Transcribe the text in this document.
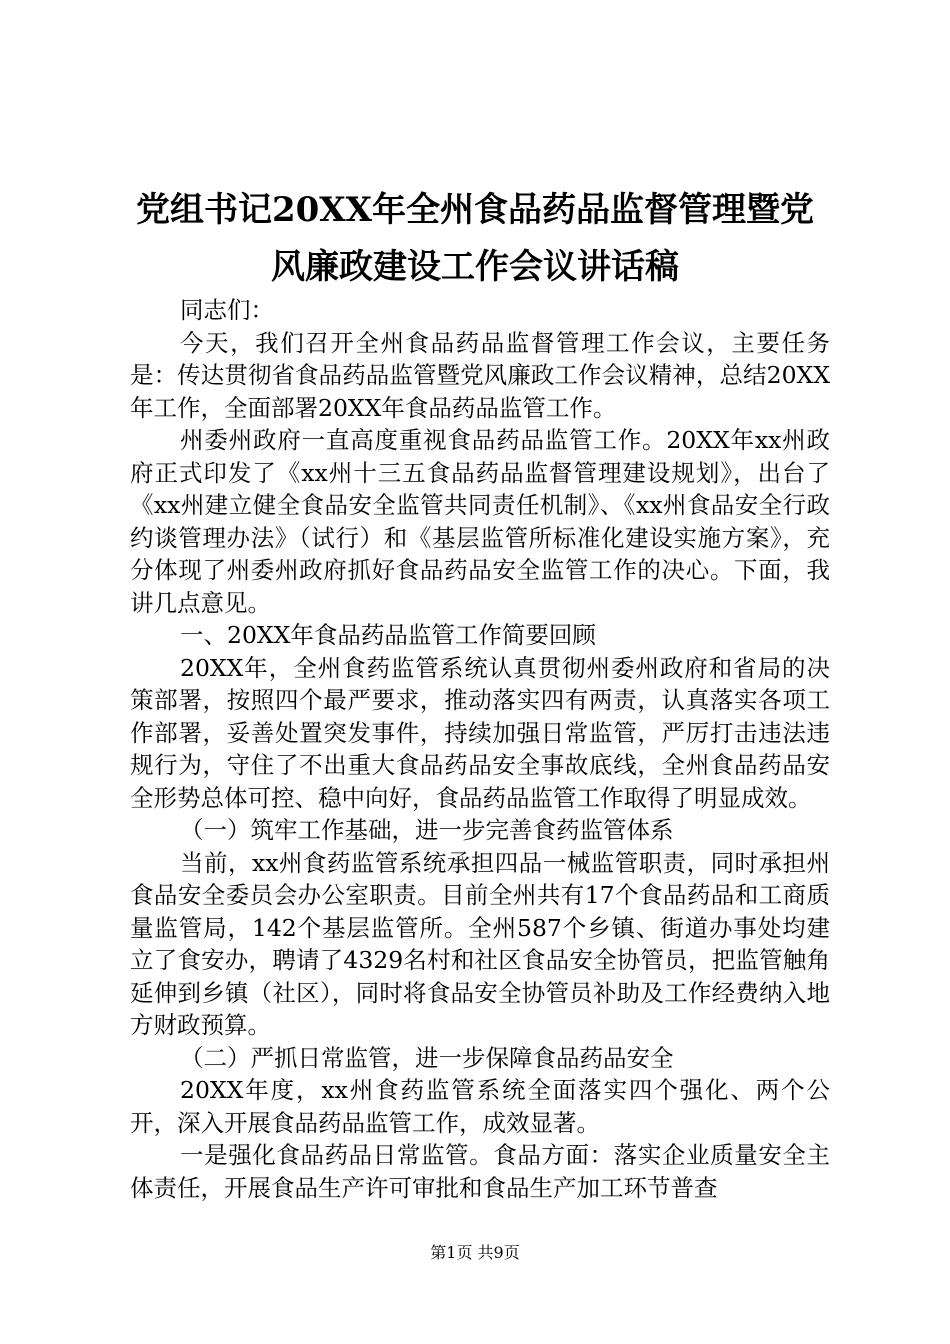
党组书记20XX年全州食品药品监督管理暨党
风廉政建设工作会议讲话稿

同志们：

今天，我们召开全州食品药品监督管理工作会议，主要任务是：传达贯彻省食品药品监管暨党风廉政工作会议精神，总结20XX年工作，全面部署20XX年食品药品监管工作。

州委州政府一直高度重视食品药品监管工作。20XX年xx州政府正式印发了《xx州十三五食品药品监督管理建设规划》，出台了《xx州建立健全食品安全监管共同责任机制》、《xx州食品安全行政约谈管理办法》（试行）和《基层监管所标准化建设实施方案》，充分体现了州委州政府抓好食品药品安全监管工作的决心。下面，我讲几点意见。

一、20XX年食品药品监管工作简要回顾

20XX年，全州食药监管系统认真贯彻州委州政府和省局的决策部署，按照四个最严要求，推动落实四有两责，认真落实各项工作部署，妥善处置突发事件，持续加强日常监管，严厉打击违法违规行为，守住了不出重大食品药品安全事故底线，全州食品药品安全形势总体可控、稳中向好，食品药品监管工作取得了明显成效。

（一）筑牢工作基础，进一步完善食药监管体系

当前，xx州食药监管系统承担四品一械监管职责，同时承担州食品安全委员会办公室职责。目前全州共有17个食品药品和工商质量监管局，142个基层监管所。全州587个乡镇、街道办事处均建立了食安办，聘请了4329名村和社区食品安全协管员，把监管触角延伸到乡镇（社区），同时将食品安全协管员补助及工作经费纳入地方财政预算。

（二）严抓日常监管，进一步保障食品药品安全

20XX年度，xx州食药监管系统全面落实四个强化、两个公开，深入开展食品药品监管工作，成效显著。

一是强化食品药品日常监管。食品方面：落实企业质量安全主体责任，开展食品生产许可审批和食品生产加工环节普查

第1页 共9页
